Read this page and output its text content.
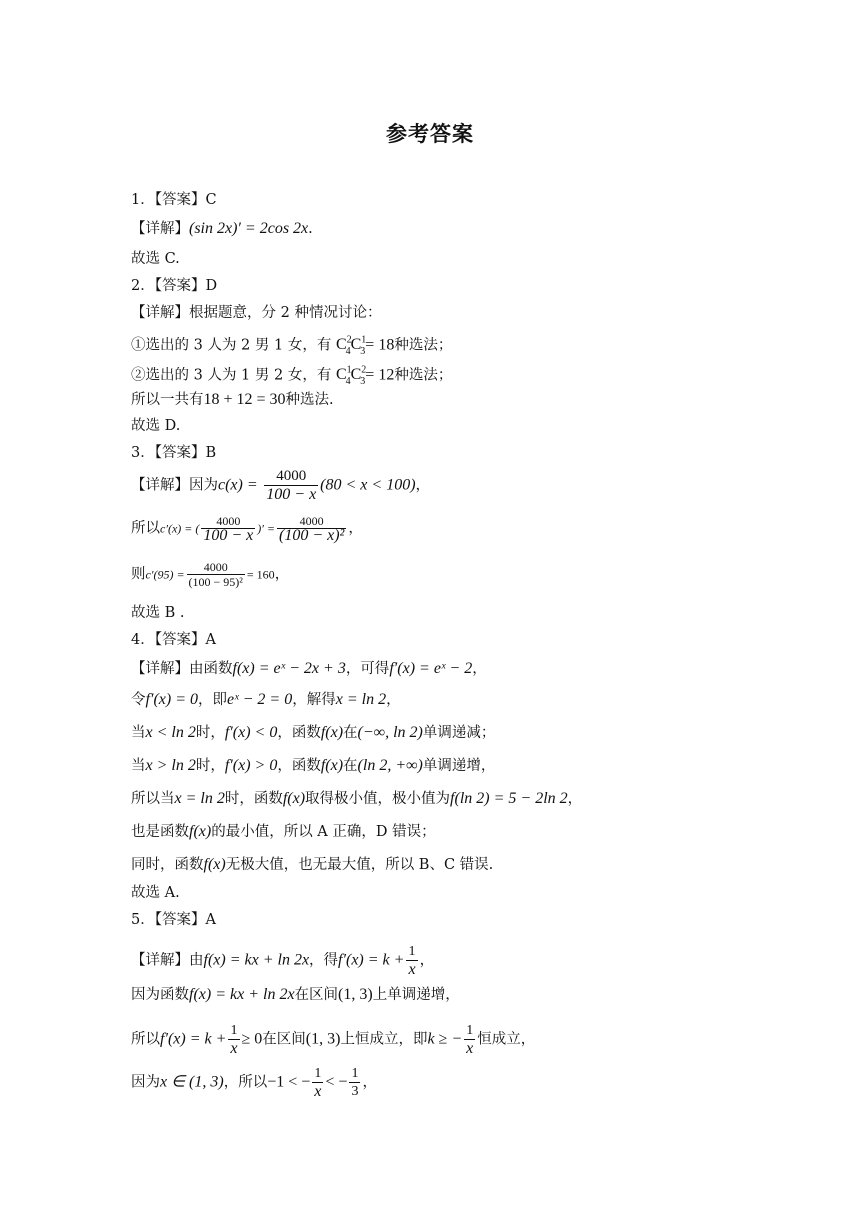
参考答案
1．【答案】C
【详解】(sin 2x)′ = 2cos 2x.
故选 C.
2．【答案】D
【详解】根据题意，分 2 种情况讨论：
①选出的 3 人为 2 男 1 女，有 $C^2_4C^1_3= 18$种选法；
②选出的 3 人为 1 男 2 女，有 $C^1_4C^2_3= 12$种选法；
所以一共有18 + 12 = 30种选法.
故选 D.
3．【答案】B
【详解】因为$c(x) = \frac{4000}{100 - x} (80 < x < 100)$，
所以c′(x) = ( $\frac{4000}{100 - x}$ )′ = $\frac{4000}{\text{(100 − x)²}}$ ，
则$c'(95) = \frac{4000}{\text{(100 − 95)²}} = 160$，
故选 B .
4．【答案】A
【详解】由函数f(x) = eˣ − 2x + 3，可得f′(x) = eˣ − 2，
令f′(x) = 0，即eˣ − 2 = 0，解得x = ln 2，
当x < ln 2时，f′(x) < 0，函数f(x)在(−∞, ln 2)单调递减；
当x > ln 2时，f′(x) > 0，函数f(x)在(ln 2, +∞)单调递增，
所以当x = ln 2时，函数f(x)取得极小值，极小值为f(ln 2) = 5 − 2ln 2，
也是函数f(x)的最小值，所以 A 正确，D 错误；
同时，函数f(x)无极大值，也无最大值，所以 B、C 错误.
故选 A.
5．【答案】A
【详解】由f(x) = kx + ln 2x，得$f'(x) = k + \frac{1}{x}$ ，
因为函数f(x) = kx + ln 2x在区间(1, 3)上单调递增，
所以$f'(x) = k + \frac{1}{x} \ge 0$在区间(1, 3)上恒成立，即k ≥ − $\frac{1}{x}$ 恒成立，
因为x ∈ (1, 3)，所以−1 < − $\frac{1}{x}$ < − $\frac{1}{3}$ ，
